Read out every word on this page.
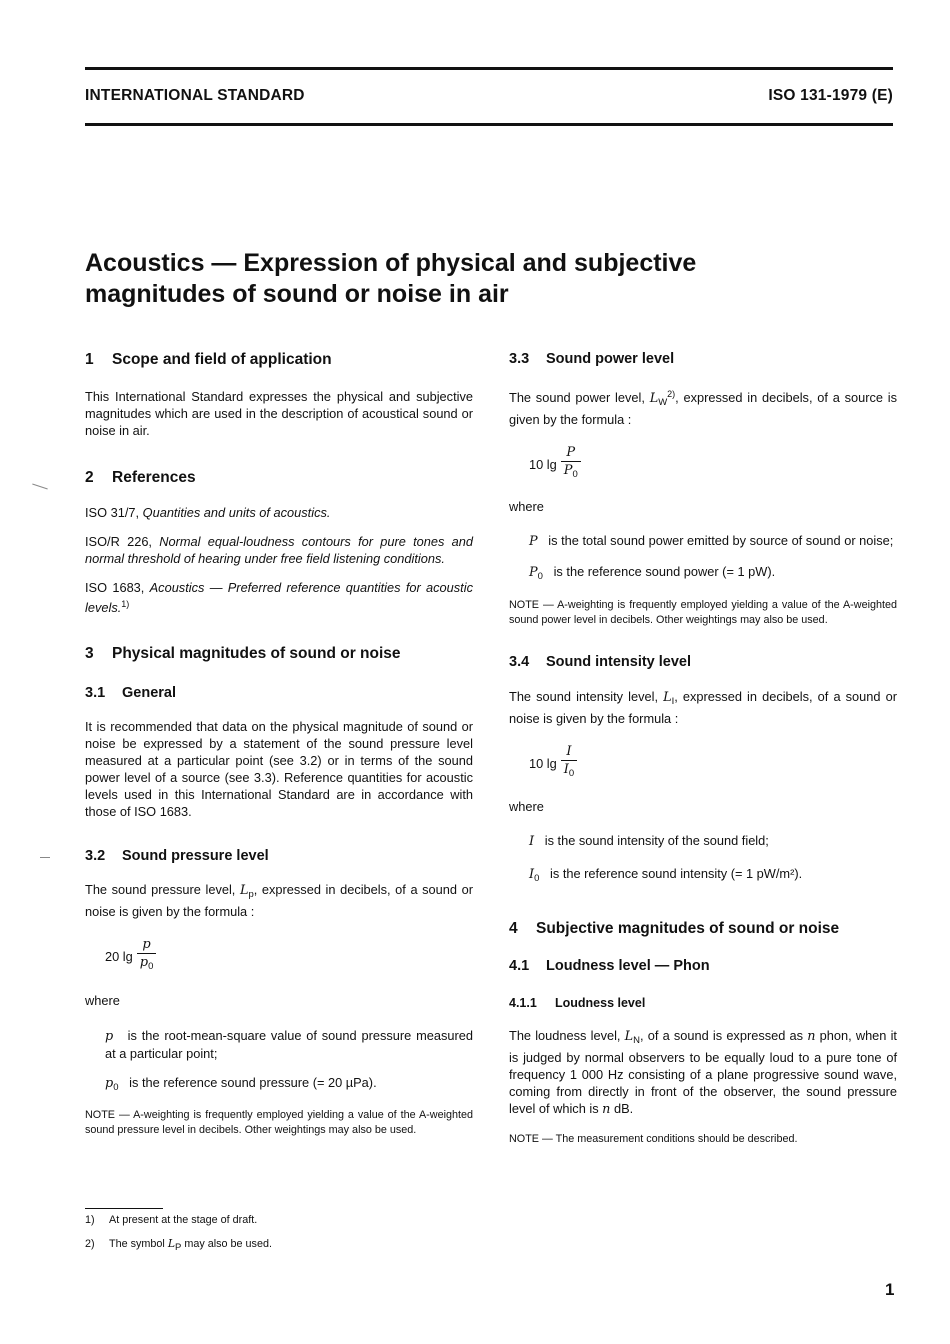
INTERNATIONAL STANDARD	ISO 131-1979 (E)
Acoustics — Expression of physical and subjective
magnitudes of sound or noise in air
1	Scope and field of application

This International Standard expresses the physical and subjective magnitudes which are used in the description of acoustical sound or noise in air.

2	References

ISO 31/7, Quantities and units of acoustics.

ISO/R 226, Normal equal-loudness contours for pure tones and normal threshold of hearing under free field listening conditions.

ISO 1683, Acoustics — Preferred reference quantities for acoustic levels.$^{1)}$

3	Physical magnitudes of sound or noise
3.1	General

It is recommended that data on the physical magnitude of sound or noise be expressed by a statement of the sound pressure level measured at a particular point (see 3.2) or in terms of the sound power level of a source (see 3.3). Reference quantities for acoustic levels used in this International Standard are in accordance with those of ISO 1683.

3.2	Sound pressure level

The sound pressure level, $L_p$, expressed in decibels, of a sound or noise is given by the formula :

20 $\lg \frac{p}{p_0}$

where

p is the root-mean-square value of sound pressure measured at a particular point;

$p_0$ is the reference sound pressure (= 20 µPa).

NOTE — A-weighting is frequently employed yielding a value of the A-weighted sound pressure level in decibels. Other weightings may also be used.

3.3	Sound power level

The sound power level, $L_W^{2)}$, expressed in decibels, of a source is given by the formula :

10 $\lg \frac{P}{P_0}$

where

P is the total sound power emitted by source of sound or noise;

$P_0$ is the reference sound power (= 1 pW).

NOTE — A-weighting is frequently employed yielding a value of the A-weighted sound power level in decibels. Other weightings may also be used.

3.4	Sound intensity level

The sound intensity level, $L_I$, expressed in decibels, of a sound or noise is given by the formula :

10 $\lg \frac{I}{I_0}$

where

I is the sound intensity of the sound field;

$I_0$ is the reference sound intensity (= 1 pW/m²).

4	Subjective magnitudes of sound or noise
4.1	Loudness level — Phon
4.1.1	Loudness level

The loudness level, $L_N$, of a sound is expressed as n phon, when it is judged by normal observers to be equally loud to a pure tone of frequency 1 000 Hz consisting of a plane progressive sound wave, coming from directly in front of the observer, the sound pressure level of which is n dB.

NOTE — The measurement conditions should be described.

1) At present at the stage of draft.
2) The symbol LP may also be used.
1
